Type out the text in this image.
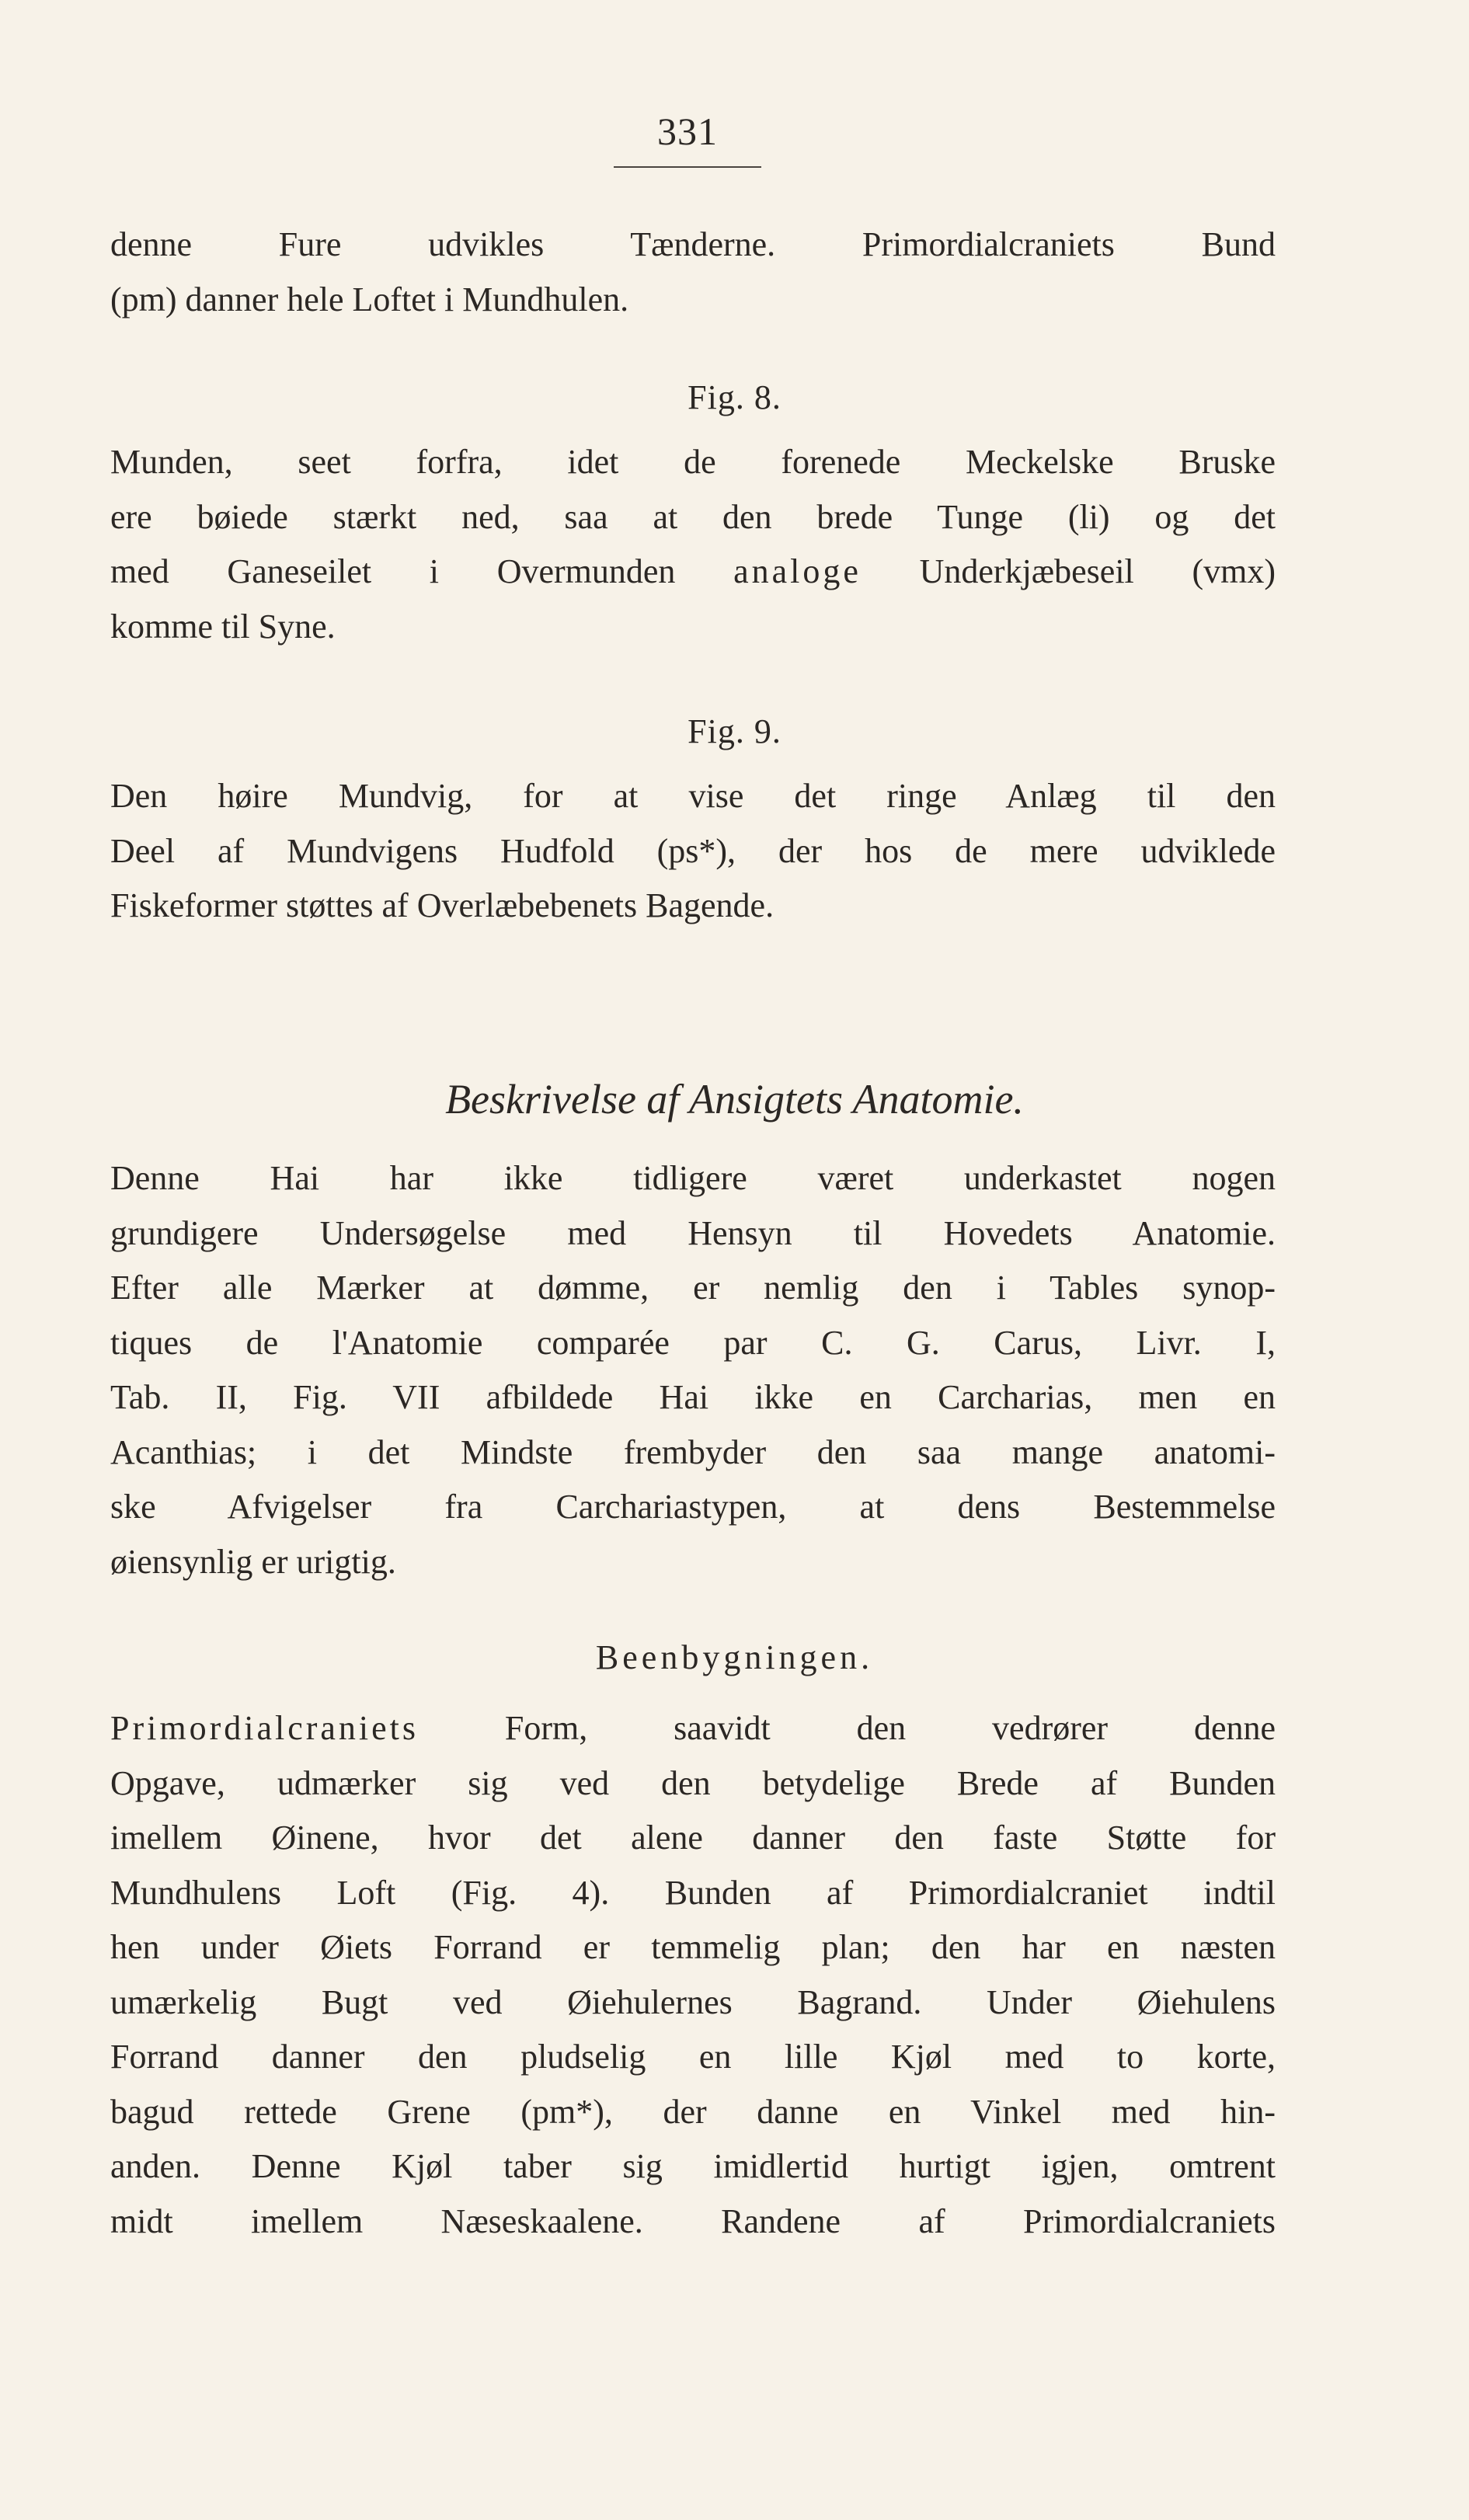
331
denne Fure udvikles Tænderne. Primordialcraniets Bund
(pm) danner hele Loftet i Mundhulen.
Fig. 8.
Munden, seet forfra, idet de forenede Meckelske Bruske
ere bøiede stærkt ned, saa at den brede Tunge (li) og det
med Ganeseilet i Overmunden analoge Underkjæbeseil (vmx)
komme til Syne.
Fig. 9.
Den høire Mundvig, for at vise det ringe Anlæg til den
Deel af Mundvigens Hudfold (ps*), der hos de mere udviklede
Fiskeformer støttes af Overlæbebenets Bagende.
Beskrivelse af Ansigtets Anatomie.
Denne Hai har ikke tidligere været underkastet nogen
grundigere Undersøgelse med Hensyn til Hovedets Anatomie.
Efter alle Mærker at dømme, er nemlig den i Tables synop-
tiques de l'Anatomie comparée par C. G. Carus, Livr. I,
Tab. II, Fig. VII afbildede Hai ikke en Carcharias, men en
Acanthias; i det Mindste frembyder den saa mange anatomi-
ske Afvigelser fra Carchariastypen, at dens Bestemmelse
øiensynlig er urigtig.
Beenbygningen.
Primordialcraniets	Form, saavidt den vedrører denne
Opgave, udmærker sig ved den betydelige Brede af Bunden
imellem Øinene, hvor det alene danner den faste Støtte for
Mundhulens Loft (Fig. 4). Bunden af Primordialcraniet indtil
hen under Øiets Forrand er temmelig plan; den har en næsten
umærkelig Bugt ved Øiehulernes Bagrand. Under Øiehulens
Forrand danner den pludselig en lille Kjøl med to korte,
bagud rettede Grene (pm*), der danne en Vinkel med hin-
anden. Denne Kjøl taber sig imidlertid hurtigt igjen, omtrent
midt imellem Næseskaalene. Randene af Primordialcraniets
